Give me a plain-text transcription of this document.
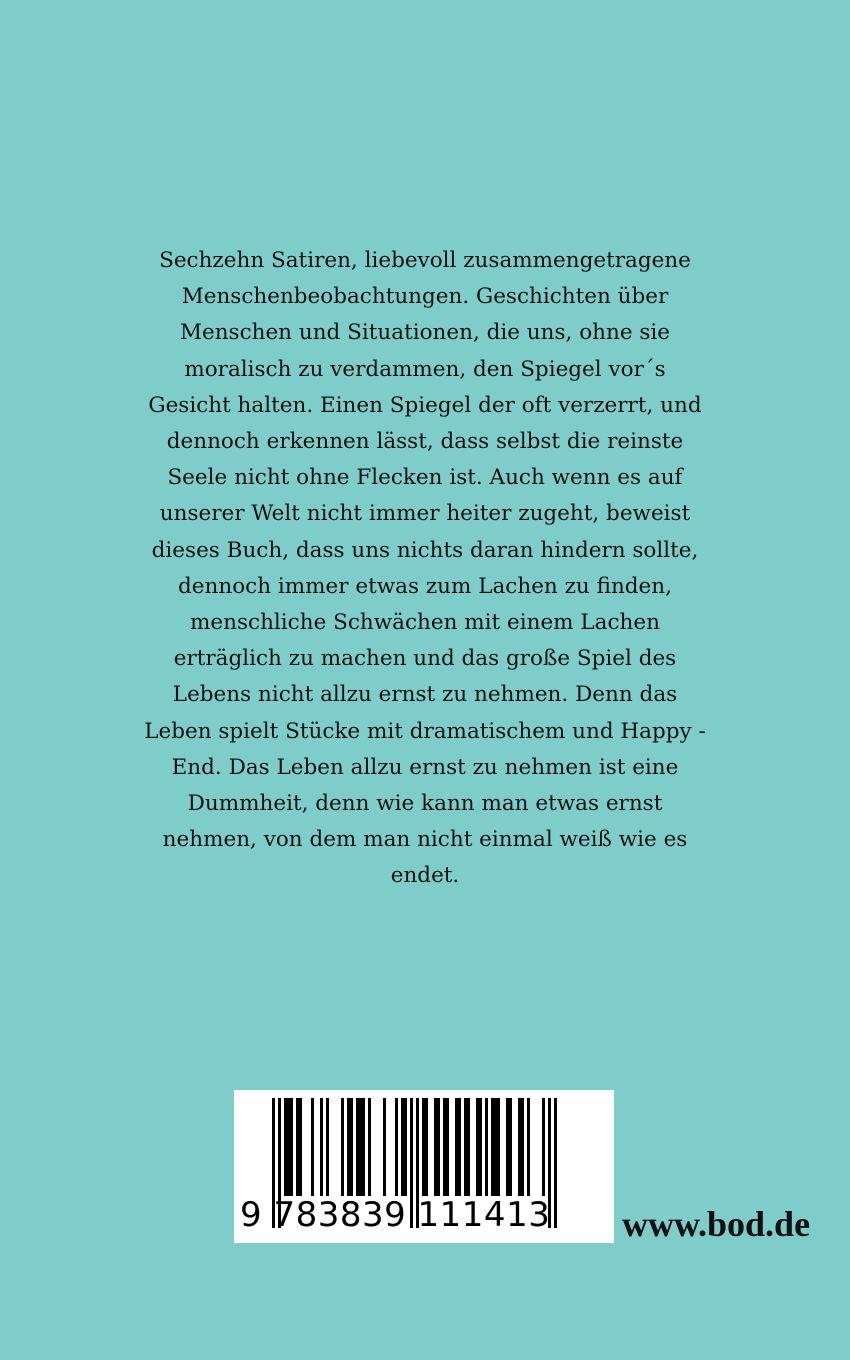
Sechzehn Satiren, liebevoll zusammengetragene
Menschenbeobachtungen. Geschichten über
Menschen und Situationen, die uns, ohne sie
moralisch zu verdammen, den Spiegel vor´s
Gesicht halten. Einen Spiegel der oft verzerrt, und
dennoch erkennen lässt, dass selbst die reinste
Seele nicht ohne Flecken ist. Auch wenn es auf
unserer Welt nicht immer heiter zugeht, beweist
dieses Buch, dass uns nichts daran hindern sollte,
dennoch immer etwas zum Lachen zu finden,
menschliche Schwächen mit einem Lachen
erträglich zu machen und das große Spiel des
Lebens nicht allzu ernst zu nehmen. Denn das
Leben spielt Stücke mit dramatischem und Happy -
End. Das Leben allzu ernst zu nehmen ist eine
Dummheit, denn wie kann man etwas ernst
nehmen, von dem man nicht einmal weiß wie es
endet.
9 783839 111413	www.bod.de
